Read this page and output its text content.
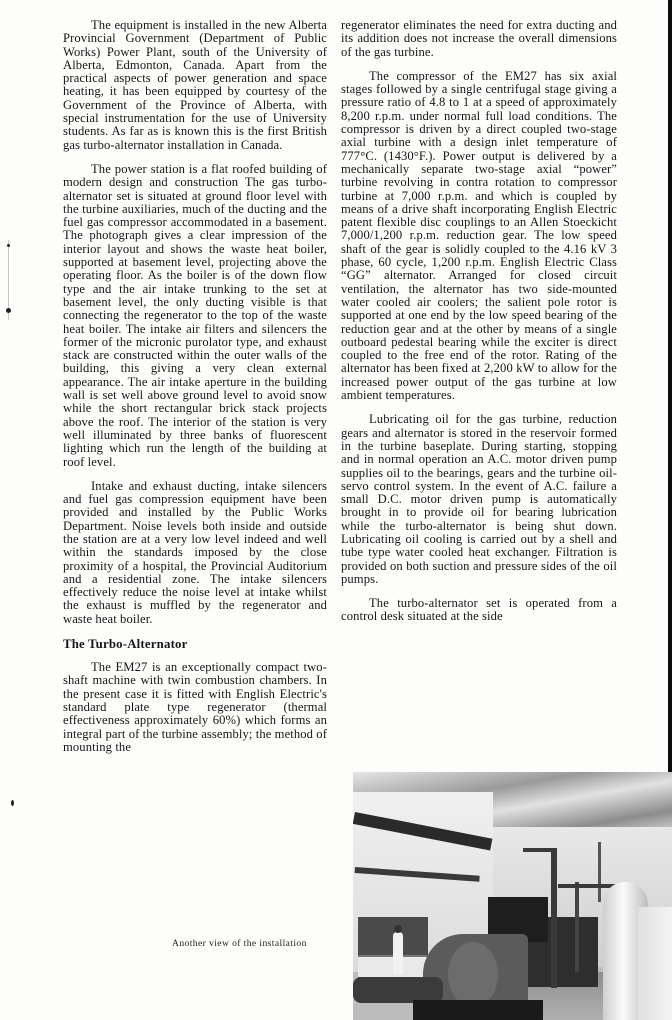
The equipment is installed in the new Alberta Provincial Government (Department of Public Works) Power Plant, south of the University of Alberta, Edmonton, Canada. Apart from the practical aspects of power generation and space heating, it has been equipped by courtesy of the Government of the Province of Alberta, with special instrumentation for the use of University students. As far as is known this is the first British gas turbo-alternator installation in Canada.

The power station is a flat roofed building of modern design and construction The gas turbo-alternator set is situated at ground floor level with the turbine auxiliaries, much of the ducting and the fuel gas compressor accommodated in a basement. The photograph gives a clear impression of the interior layout and shows the waste heat boiler, supported at basement level, projecting above the operating floor. As the boiler is of the down flow type and the air intake trunking to the set at basement level, the only ducting visible is that connecting the regenerator to the top of the waste heat boiler. The intake air filters and silencers the former of the micronic purolator type, and exhaust stack are constructed within the outer walls of the building, this giving a very clean external appearance. The air intake aperture in the building wall is set well above ground level to avoid snow while the short rectangular brick stack projects above the roof. The interior of the station is very well illuminated by three banks of fluorescent lighting which run the length of the building at roof level.

Intake and exhaust ducting, intake silencers and fuel gas compression equipment have been provided and installed by the Public Works Department. Noise levels both inside and outside the station are at a very low level indeed and well within the standards imposed by the close proximity of a hospital, the Provincial Auditorium and a residential zone. The intake silencers effectively reduce the noise level at intake whilst the exhaust is muffled by the regenerator and waste heat boiler.

The Turbo-Alternator

The EM27 is an exceptionally compact two-shaft machine with twin combustion chambers. In the present case it is fitted with English Electric's standard plate type regenerator (thermal effectiveness approximately 60%) which forms an integral part of the turbine assembly; the method of mounting the

regenerator eliminates the need for extra ducting and its addition does not increase the overall dimensions of the gas turbine.

The compressor of the EM27 has six axial stages followed by a single centrifugal stage giving a pressure ratio of 4.8 to 1 at a speed of approximately 8,200 r.p.m. under normal full load conditions. The compressor is driven by a direct coupled two-stage axial turbine with a design inlet temperature of 777°C. (1430°F.). Power output is delivered by a mechanically separate two-stage axial “power” turbine revolving in contra rotation to compressor turbine at 7,000 r.p.m. and which is coupled by means of a drive shaft incorporating English Electric patent flexible disc couplings to an Allen Stoeckicht 7,000/1,200 r.p.m. reduction gear. The low speed shaft of the gear is solidly coupled to the 4.16 kV 3 phase, 60 cycle, 1,200 r.p.m. English Electric Class “GG” alternator. Arranged for closed circuit ventilation, the alternator has two side-mounted water cooled air coolers; the salient pole rotor is supported at one end by the low speed bearing of the reduction gear and at the other by means of a single outboard pedestal bearing while the exciter is direct coupled to the free end of the rotor. Rating of the alternator has been fixed at 2,200 kW to allow for the increased power output of the gas turbine at low ambient temperatures.

Lubricating oil for the gas turbine, reduction gears and alternator is stored in the reservoir formed in the turbine baseplate. During starting, stopping and in normal operation an A.C. motor driven pump supplies oil to the bearings, gears and the turbine oil-servo control system. In the event of A.C. failure a small D.C. motor driven pump is automatically brought in to provide oil for bearing lubrication while the turbo-alternator is being shut down. Lubricating oil cooling is carried out by a shell and tube type water cooled heat exchanger. Filtration is provided on both suction and pressure sides of the oil pumps.

The turbo-alternator set is operated from a control desk situated at the side

Another view of the installation
